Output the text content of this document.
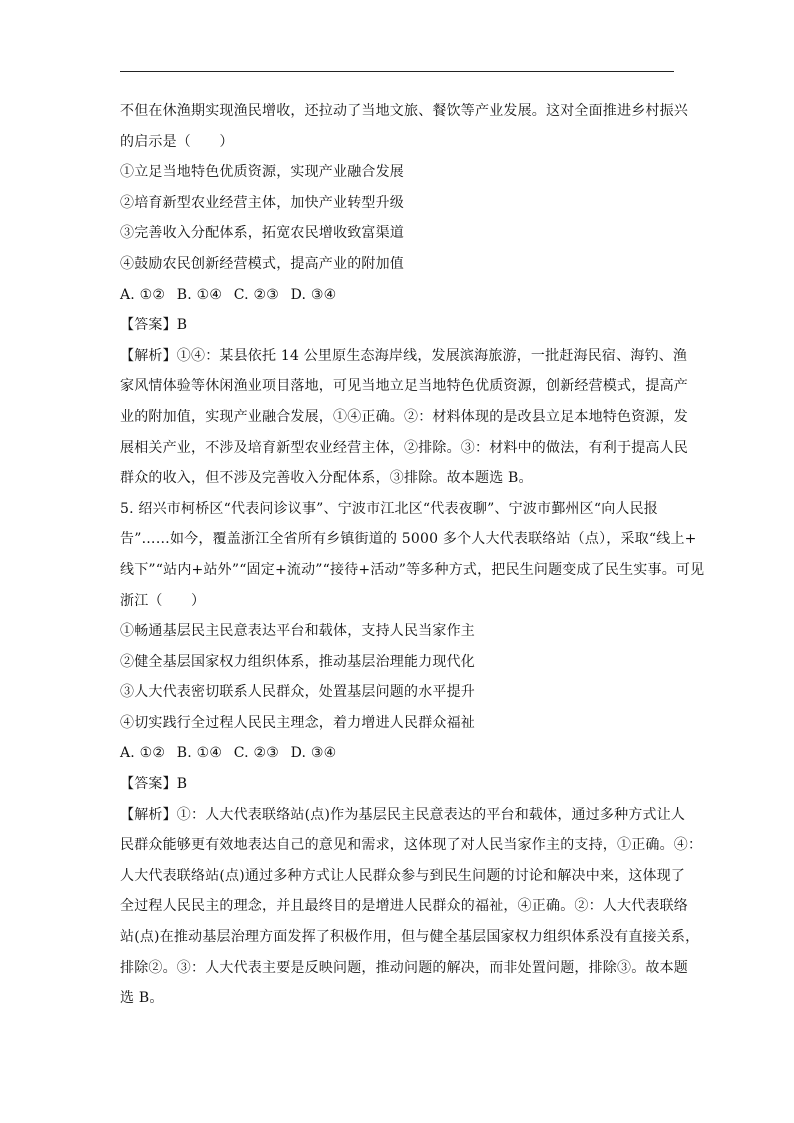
不但在休渔期实现渔民增收，还拉动了当地文旅、餐饮等产业发展。这对全面推进乡村振兴
的启示是（　　）
①立足当地特色优质资源，实现产业融合发展
②培育新型农业经营主体，加快产业转型升级
③完善收入分配体系，拓宽农民增收致富渠道
④鼓励农民创新经营模式，提高产业的附加值
A. ①② B. ①④ C. ②③ D. ③④
【答案】B
【解析】①④：某县依托 14 公里原生态海岸线，发展滨海旅游，一批赶海民宿、海钓、渔
家风情体验等休闲渔业项目落地，可见当地立足当地特色优质资源，创新经营模式，提高产
业的附加值，实现产业融合发展，①④正确。②：材料体现的是改县立足本地特色资源，发
展相关产业，不涉及培育新型农业经营主体，②排除。③：材料中的做法，有利于提高人民
群众的收入，但不涉及完善收入分配体系，③排除。故本题选 B。
5. 绍兴市柯桥区“代表问诊议事”、宁波市江北区“代表夜聊”、宁波市鄞州区“向人民报
告”……如今，覆盖浙江全省所有乡镇街道的 5000 多个人大代表联络站（点），采取“线上+
线下”“站内+站外”“固定+流动”“接待+活动”等多种方式，把民生问题变成了民生实事。可见
浙江（　　）
①畅通基层民主民意表达平台和载体，支持人民当家作主
②健全基层国家权力组织体系，推动基层治理能力现代化
③人大代表密切联系人民群众，处置基层问题的水平提升
④切实践行全过程人民民主理念，着力增进人民群众福祉
A. ①② B. ①④ C. ②③ D. ③④
【答案】B
【解析】①：人大代表联络站(点)作为基层民主民意表达的平台和载体，通过多种方式让人
民群众能够更有效地表达自己的意见和需求，这体现了对人民当家作主的支持，①正确。④：
人大代表联络站(点)通过多种方式让人民群众参与到民生问题的讨论和解决中来，这体现了
全过程人民民主的理念，并且最终目的是增进人民群众的福祉，④正确。②：人大代表联络
站(点)在推动基层治理方面发挥了积极作用，但与健全基层国家权力组织体系没有直接关系，
排除②。③：人大代表主要是反映问题，推动问题的解决，而非处置问题，排除③。故本题
选 B。
